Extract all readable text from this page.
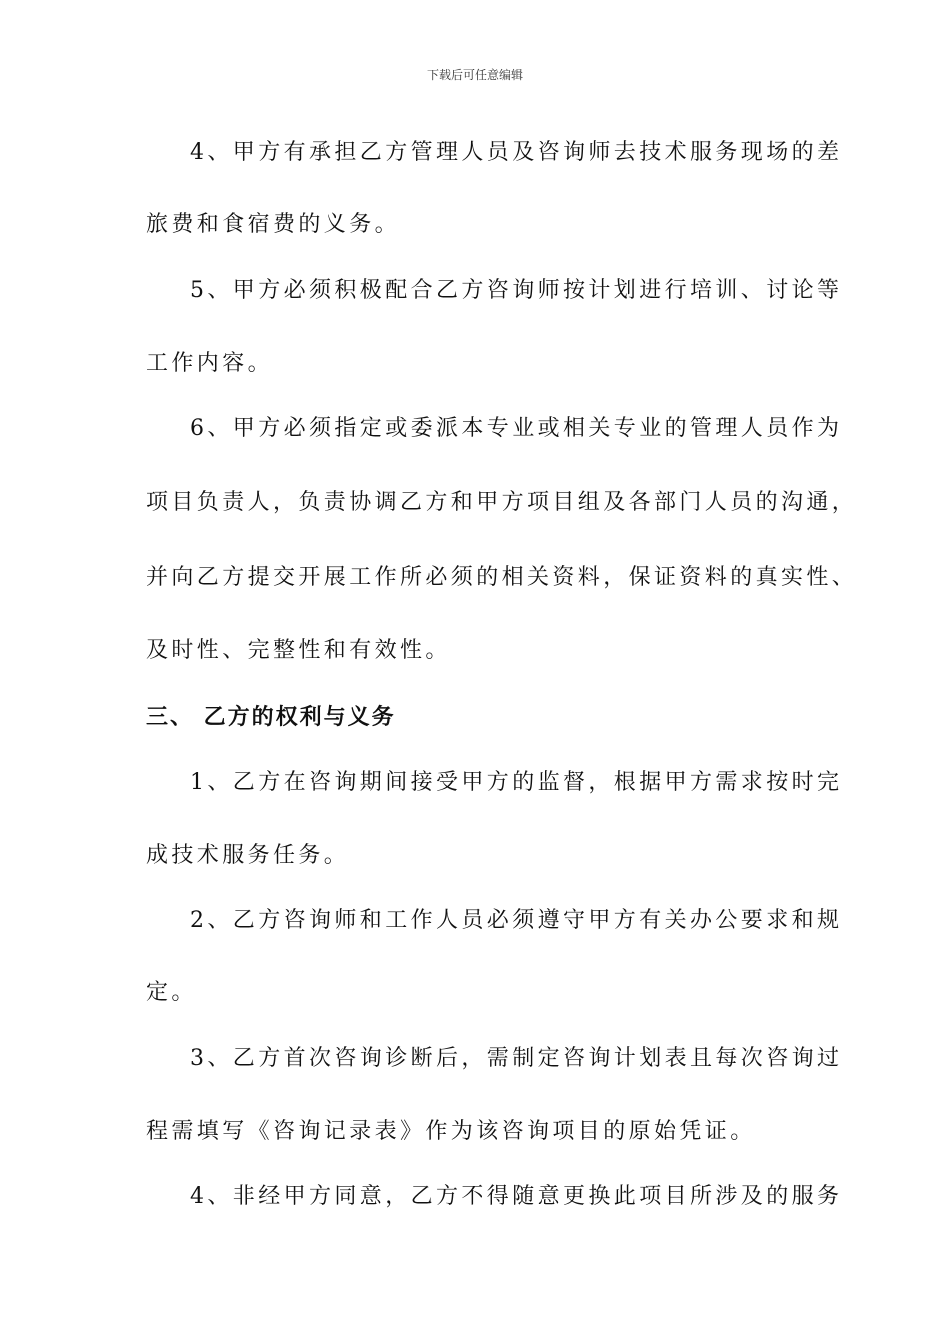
下载后可任意编辑
4、甲方有承担乙方管理人员及咨询师去技术服务现场的差
旅费和食宿费的义务。
5、甲方必须积极配合乙方咨询师按计划进行培训、讨论等
工作内容。
6、甲方必须指定或委派本专业或相关专业的管理人员作为
项目负责人，负责协调乙方和甲方项目组及各部门人员的沟通，
并向乙方提交开展工作所必须的相关资料，保证资料的真实性、
及时性、完整性和有效性。
三、 乙方的权利与义务
1、乙方在咨询期间接受甲方的监督，根据甲方需求按时完
成技术服务任务。
2、乙方咨询师和工作人员必须遵守甲方有关办公要求和规
定。
3、乙方首次咨询诊断后，需制定咨询计划表且每次咨询过
程需填写《咨询记录表》作为该咨询项目的原始凭证。
4、非经甲方同意，乙方不得随意更换此项目所涉及的服务
